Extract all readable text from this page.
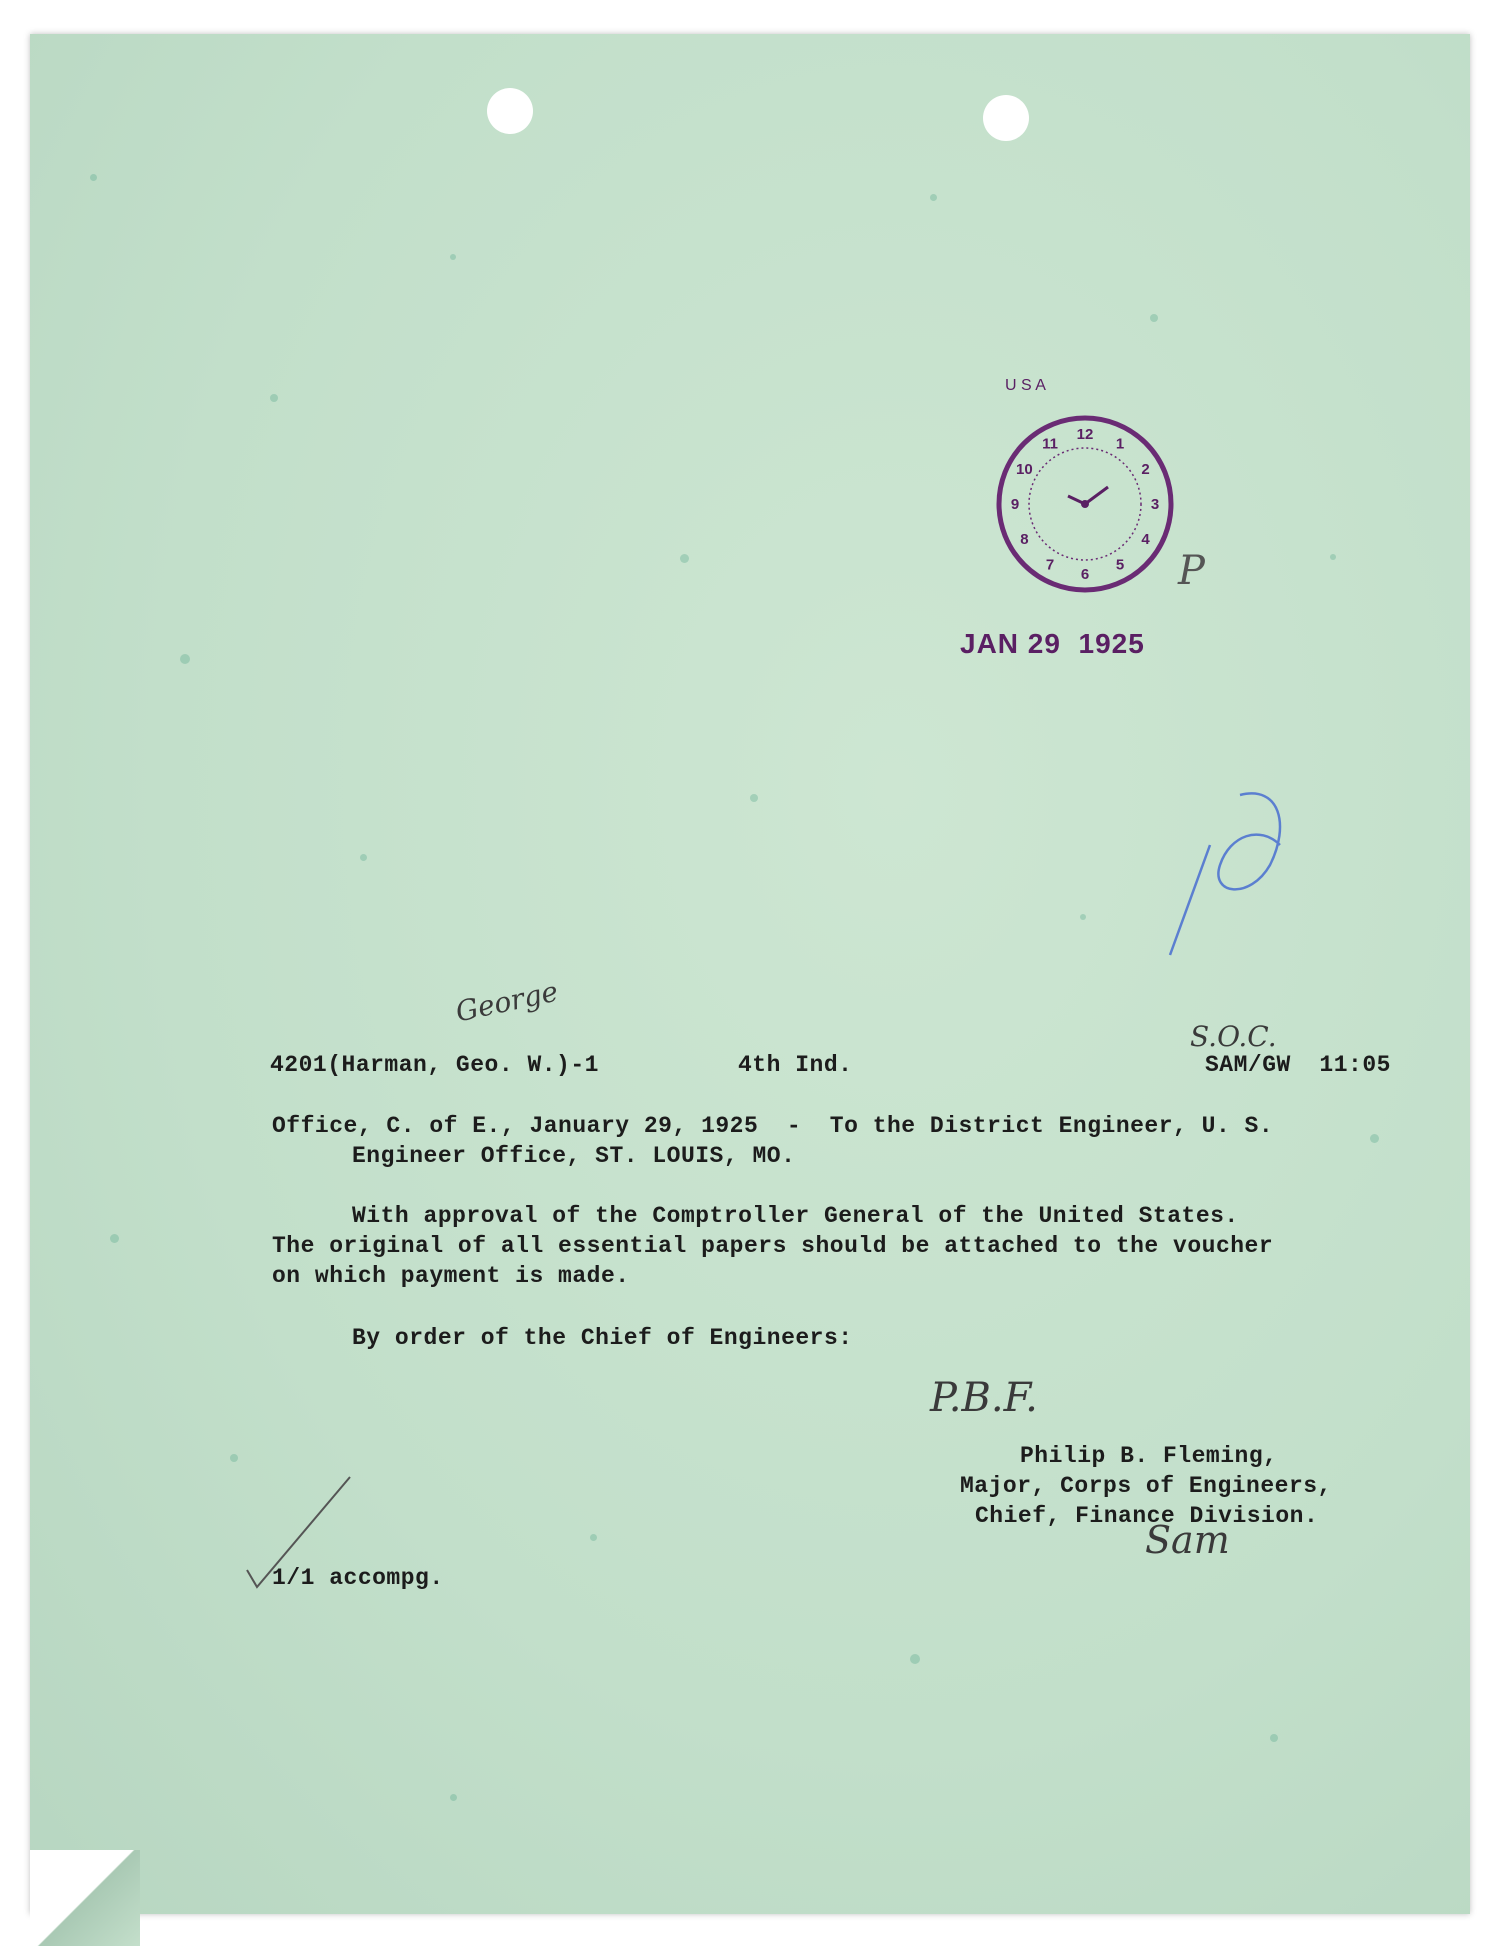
U S A
12
1
2
3
4
5
6
7
8
9
10
11
JAN 29  1925
P
George
S.O.C.
4201(Harman, Geo. W.)-1	4th Ind.	SAM/GW  11:05
Office, C. of E., January 29, 1925  -  To the District Engineer, U. S.
Engineer Office, ST. LOUIS, MO.
With approval of the Comptroller General of the United States.
The original of all essential papers should be attached to the voucher
on which payment is made.
By order of the Chief of Engineers:
P.B.F.
Philip B. Fleming,
Major, Corps of Engineers,
Chief, Finance Division.
Sam
1/1 accompg.
